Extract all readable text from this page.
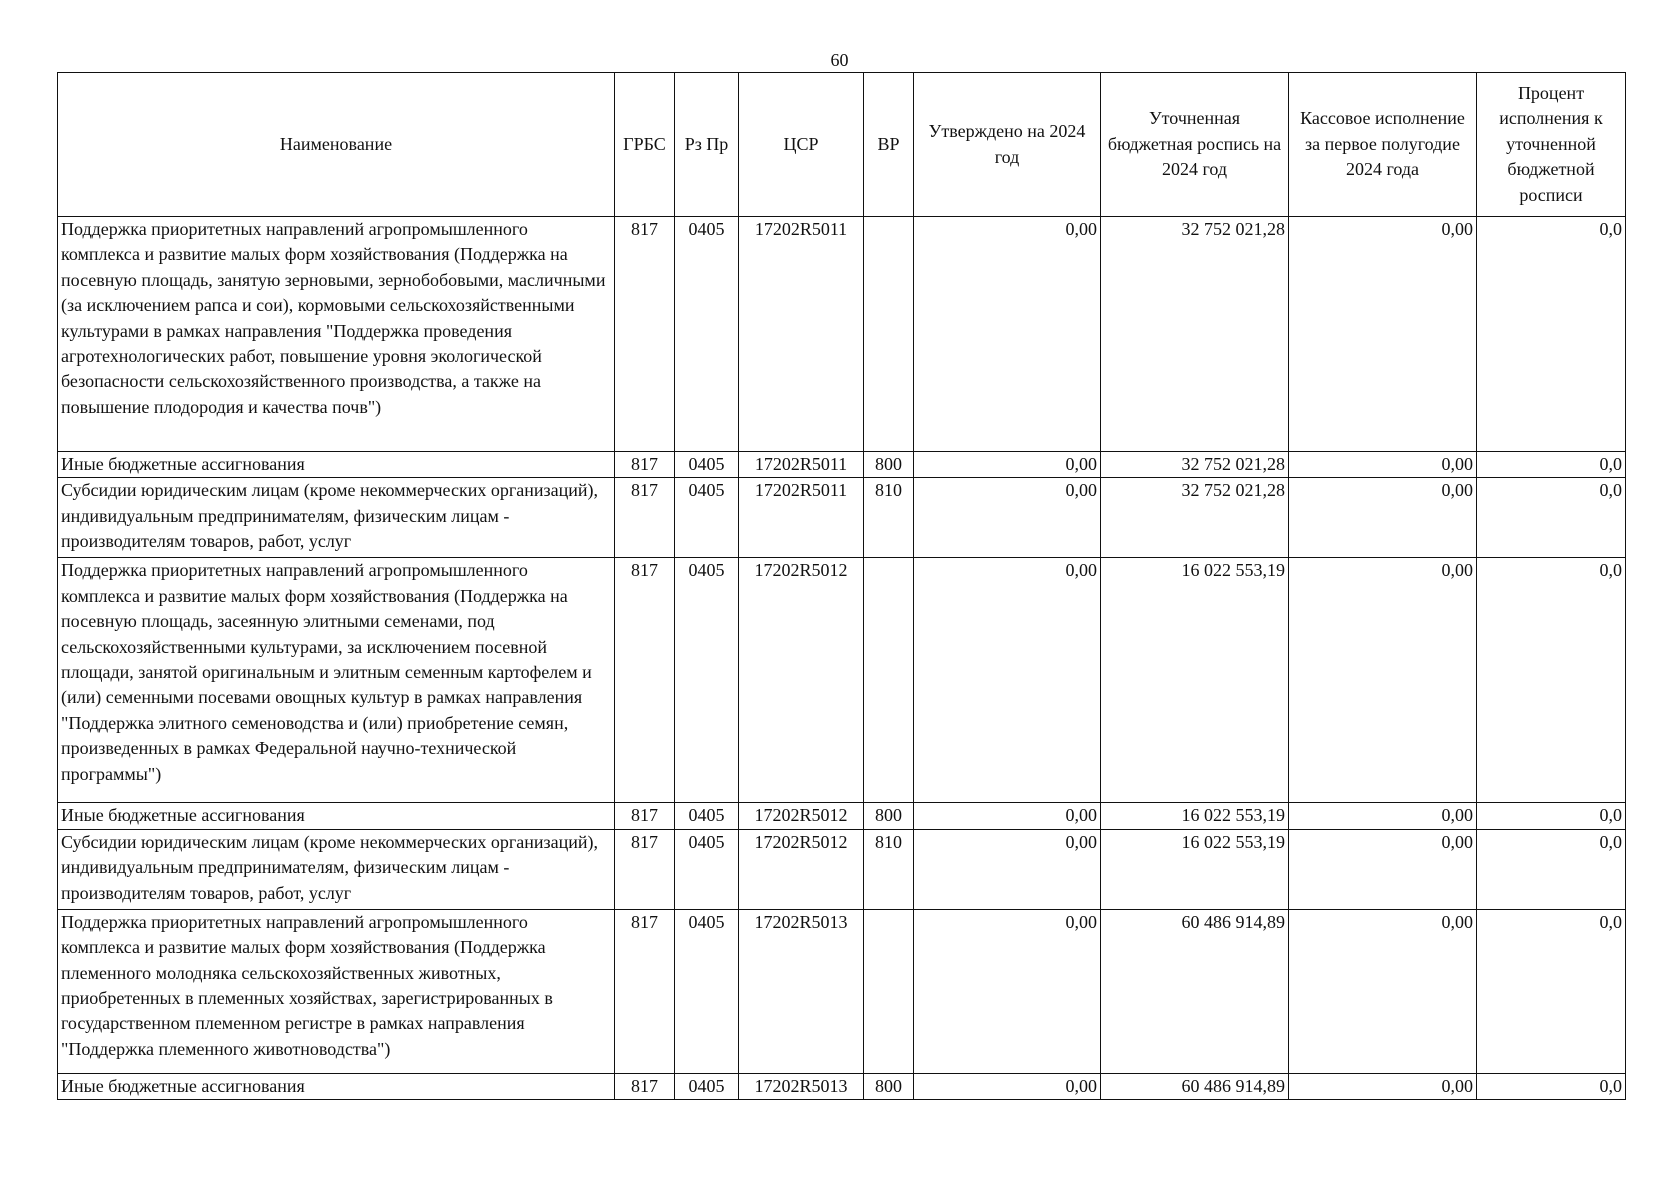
60
Наименование	ГРБС	Рз Пр	ЦСР	ВР	Утверждено на 2024 год	Уточненная бюджетная роспись на 2024 год	Кассовое исполнение за первое полугодие 2024 года	Процент исполнения к уточненной бюджетной росписи
Поддержка приоритетных направлений агропромышленного комплекса и развитие малых форм хозяйствования (Поддержка на посевную площадь, занятую зерновыми, зернобобовыми, масличными (за исключением рапса и сои), кормовыми сельскохозяйственными культурами в рамках направления "Поддержка проведения агротехнологических работ, повышение уровня экологической безопасности сельскохозяйственного производства, а также на повышение плодородия и качества почв")	817	0405	17202R5011		0,00	32 752 021,28	0,00	0,0
Иные бюджетные ассигнования	817	0405	17202R5011	800	0,00	32 752 021,28	0,00	0,0
Субсидии юридическим лицам (кроме некоммерческих организаций), индивидуальным предпринимателям, физическим лицам - производителям товаров, работ, услуг	817	0405	17202R5011	810	0,00	32 752 021,28	0,00	0,0
Поддержка приоритетных направлений агропромышленного комплекса и развитие малых форм хозяйствования (Поддержка на посевную площадь, засеянную элитными семенами, под сельскохозяйственными культурами, за исключением посевной площади, занятой оригинальным и элитным семенным картофелем и (или) семенными посевами овощных культур в рамках направления "Поддержка элитного семеноводства и (или) приобретение семян, произведенных в рамках Федеральной научно-технической программы")	817	0405	17202R5012		0,00	16 022 553,19	0,00	0,0
Иные бюджетные ассигнования	817	0405	17202R5012	800	0,00	16 022 553,19	0,00	0,0
Субсидии юридическим лицам (кроме некоммерческих организаций), индивидуальным предпринимателям, физическим лицам - производителям товаров, работ, услуг	817	0405	17202R5012	810	0,00	16 022 553,19	0,00	0,0
Поддержка приоритетных направлений агропромышленного комплекса и развитие малых форм хозяйствования (Поддержка племенного молодняка сельскохозяйственных животных, приобретенных в племенных хозяйствах, зарегистрированных в государственном племенном регистре в рамках направления "Поддержка племенного животноводства")	817	0405	17202R5013		0,00	60 486 914,89	0,00	0,0
Иные бюджетные ассигнования	817	0405	17202R5013	800	0,00	60 486 914,89	0,00	0,0
